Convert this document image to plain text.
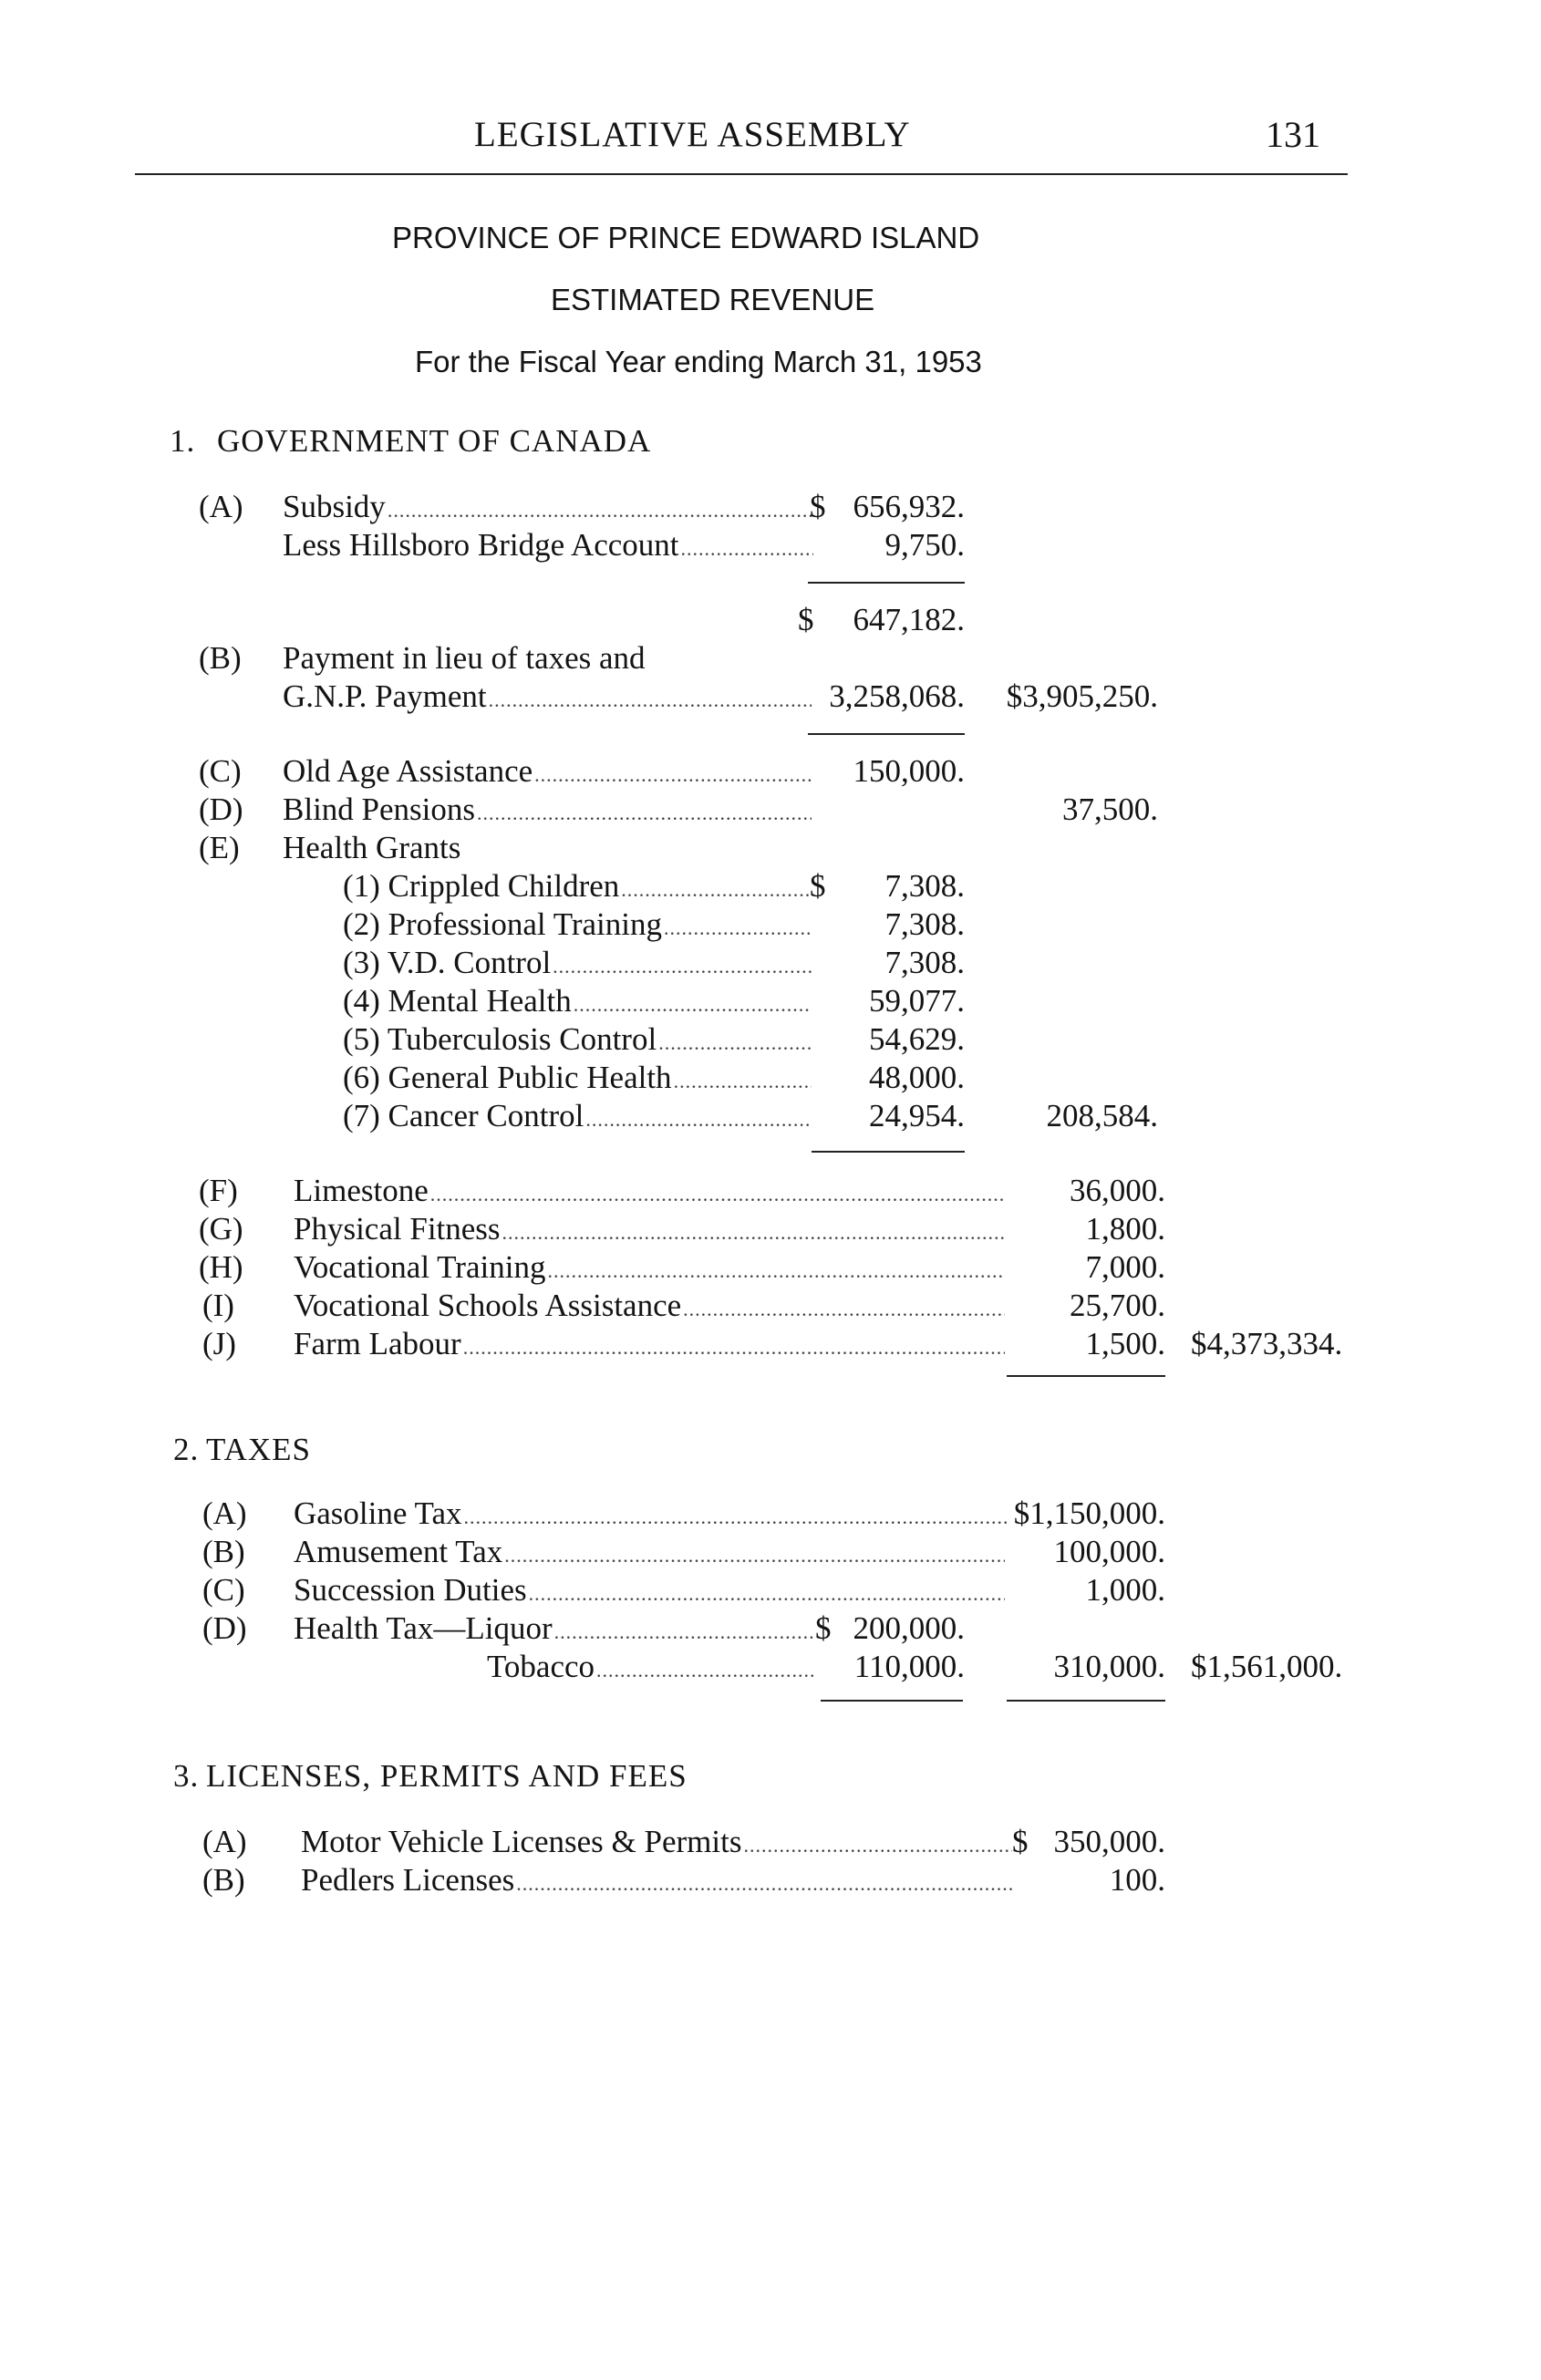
LEGISLATIVE ASSEMBLY	131
PROVINCE OF PRINCE EDWARD ISLAND
ESTIMATED REVENUE
For the Fiscal Year ending March 31, 1953
1. GOVERNMENT OF CANADA
(A) Subsidy .....	$ 656,932.
Less Hillsboro Bridge Account .....	9,750.
$	647,182.
(B) Payment in lieu of taxes and
G.N.P. Payment .....	3,258,068.	$3,905,250.
(C) Old Age Assistance .....	150,000.
(D) Blind Pensions .....	37,500.
(E) Health Grants
(1) Crippled Children .....	$	7,308.
(2) Professional Training .....	7,308.
(3) V.D. Control .....	7,308.
(4) Mental Health .....	59,077.
(5) Tuberculosis Control .....	54,629.
(6) General Public Health .....	48,000.
(7) Cancer Control .....	24,954.	208,584.
(F) Limestone .....	36,000.
(G) Physical Fitness .....	1,800.
(H) Vocational Training .....	7,000.
(I) Vocational Schools Assistance .....	25,700.
(J) Farm Labour .....	1,500. $4,373,334.
2. TAXES
(A) Gasoline Tax .....	$1,150,000.
(B) Amusement Tax .....	100,000.
(C) Succession Duties .....	1,000.
(D) Health Tax—Liquor .....	$ 200,000.
Tobacco .....	110,000.	310,000. $1,561,000.
3. LICENSES, PERMITS AND FEES
(A) Motor Vehicle Licenses & Permits .....	$ 350,000.
(B) Pedlers Licenses .....	100.
